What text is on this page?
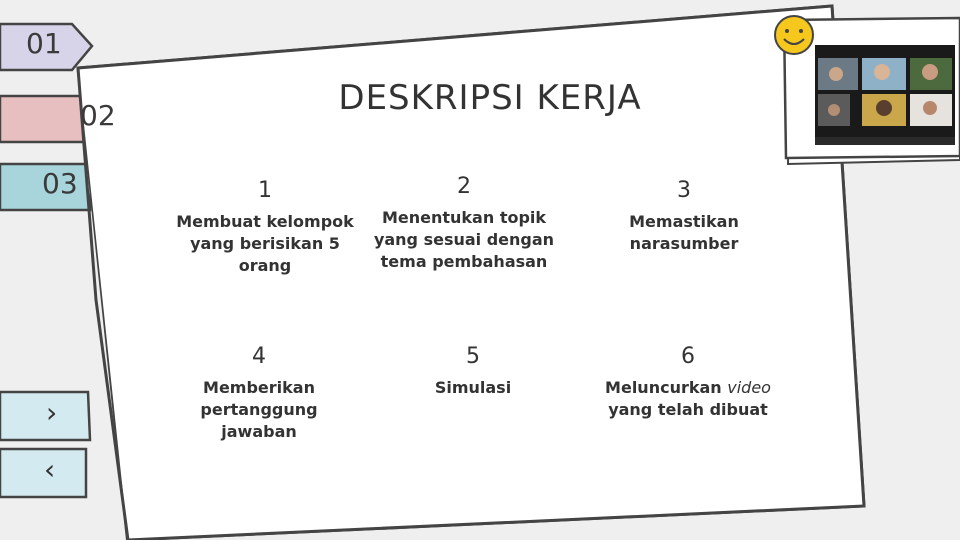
01
02
03
›
‹
DESKRIPSI KERJA
1
Membuat kelompok
yang berisikan 5
orang
2
Menentukan topik
yang sesuai dengan
tema pembahasan
3
Memastikan
narasumber
4
Memberikan
pertanggung
jawaban
5
Simulasi
6
Meluncurkan video
yang telah dibuat
